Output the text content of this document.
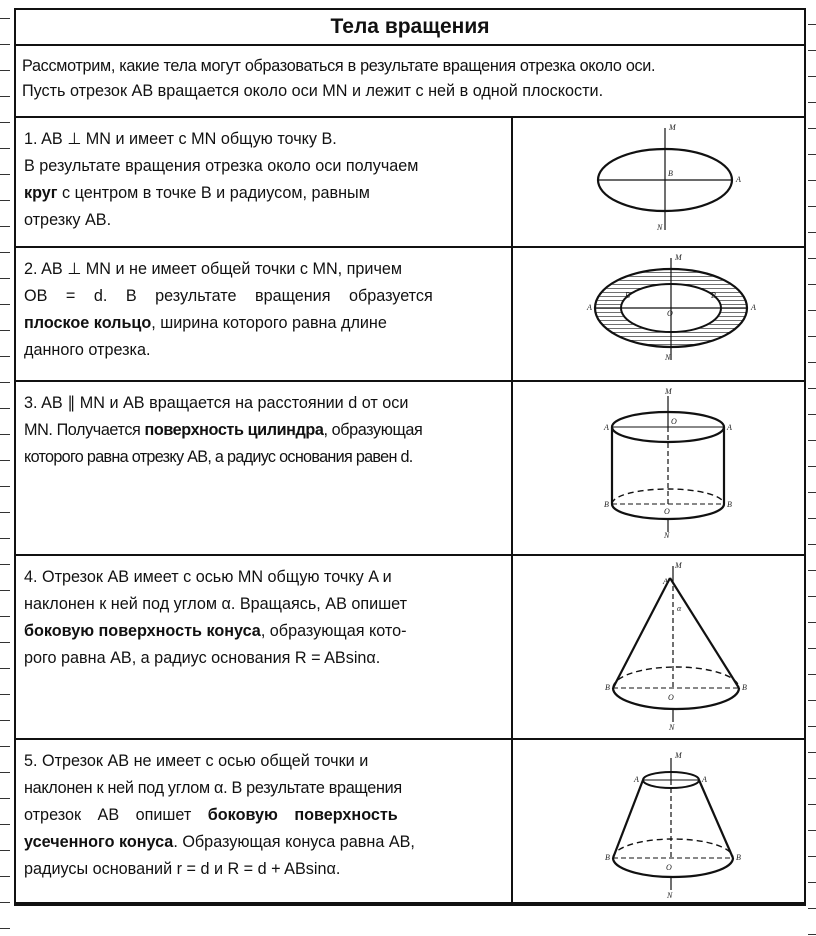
Тела вращения
Рассмотрим, какие тела могут образоваться в результате вращения отрезка около оси.
Пусть отрезок AB вращается около оси MN и лежит с ней в одной плоскости.
1. AB ⊥ MN и имеет с MN общую точку B.
В результате вращения отрезка около оси получаем
круг с центром в точке B и радиусом, равным
отрезку AB.
M
B
A
N
2. AB ⊥ MN и не имеет общей точки с MN, причем
OB = d. В результате вращения образуется
плоское кольцо, ширина которого равна длине
данного отрезка.
M
O
A	A
B	B
N
3. AB ∥ MN и AB вращается на расстоянии d от оси
MN. Получается поверхность цилиндра, образующая
которого равна отрезку AB, а радиус основания равен d.
M
A	A
O
B	B
O
N
4. Отрезок AB имеет с осью MN общую точку A и
наклонен к ней под углом α. Вращаясь, AB опишет
боковую поверхность конуса, образующая кото-
рого равна AB, а радиус основания R = ABsinα.
M
A
α
B	B
O
N
5. Отрезок AB не имеет с осью общей точки и
наклонен к ней под углом α. В результате вращения
отрезок AB опишет боковую поверхность
усеченного конуса. Образующая конуса равна AB,
радиусы оснований r = d и R = d + ABsinα.
M
A	A
B	B
O
N
